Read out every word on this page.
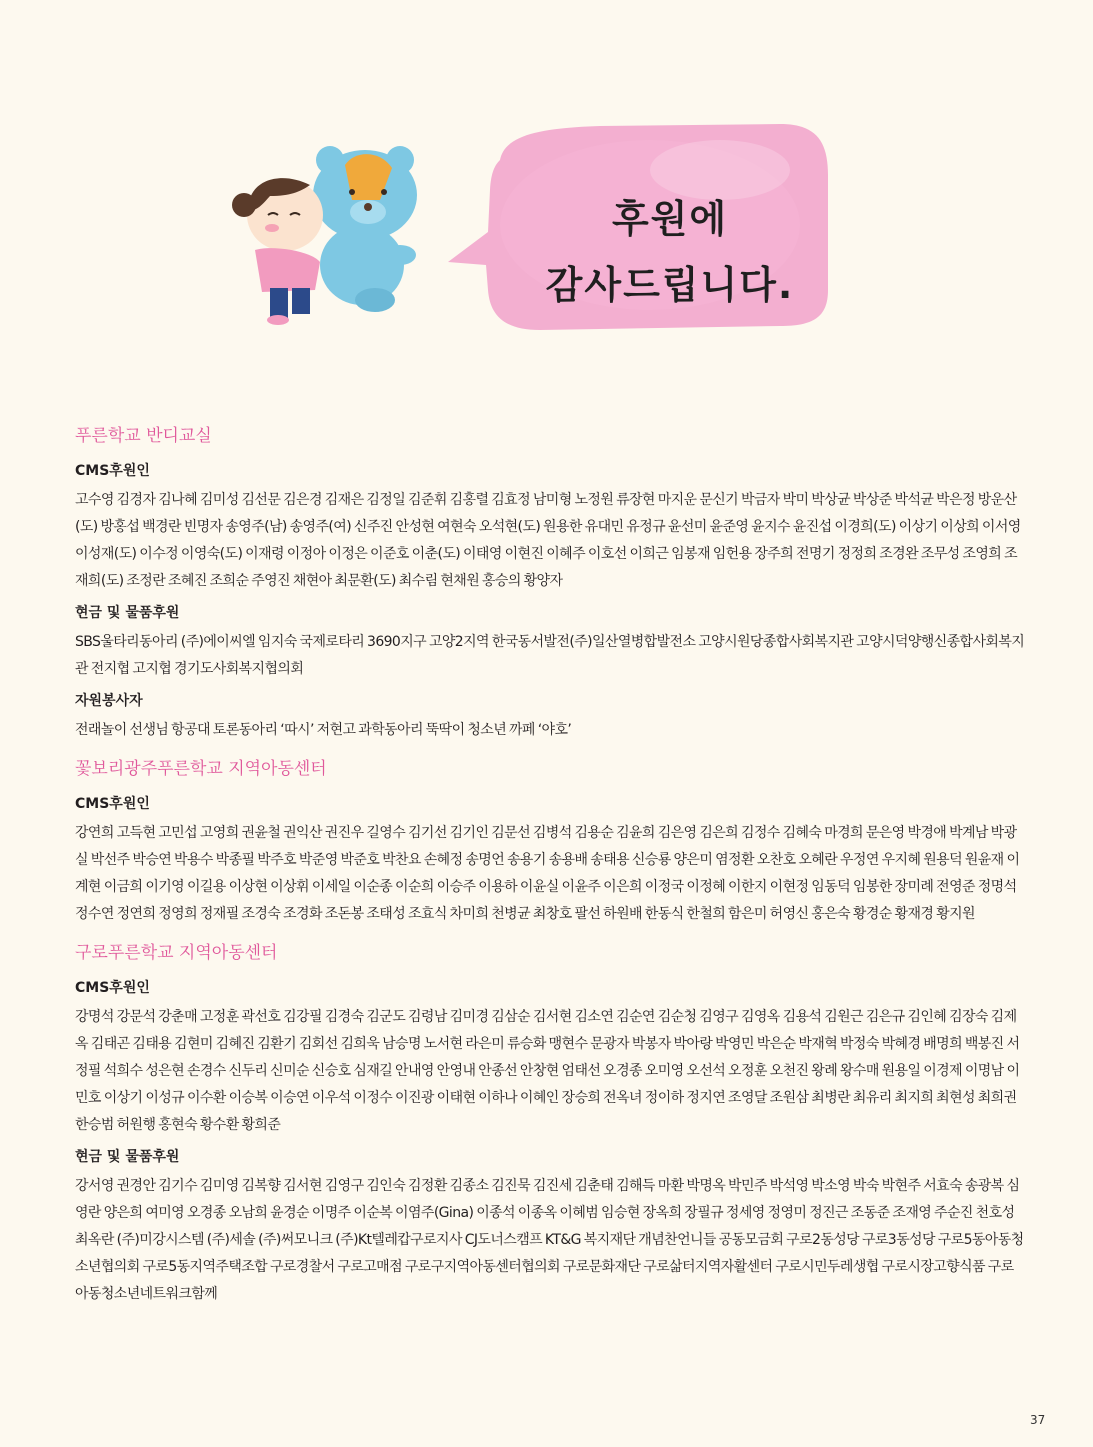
후원에
감사드립니다.
푸른학교 반디교실
CMS후원인
고수영 김경자 김나혜 김미성 김선문 김은경 김재은 김정일 김준휘 김홍렬 김효정 남미형 노정원 류장현 마지운 문신기 박금자 박미 박상균 박상준 박석균 박은정 방운산(도) 방홍섭 백경란 빈명자 송영주(남) 송영주(여) 신주진 안성현 여현숙 오석현(도) 원용한 유대민 유정규 윤선미 윤준영 윤지수 윤진섭 이경희(도) 이상기 이상희 이서영 이성재(도) 이수정 이영숙(도) 이재령 이정아 이정은 이준호 이춘(도) 이태영 이현진 이혜주 이호선 이희근 임봉재 임헌용 장주희 전명기 정정희 조경완 조무성 조영희 조재희(도) 조정란 조혜진 조희순 주영진 채현아 최문환(도) 최수림 현채원 홍승의 황양자
현금 및 물품후원
SBS울타리동아리 (주)에이씨엘 임지숙 국제로타리 3690지구 고양2지역 한국동서발전(주)일산열병합발전소 고양시원당종합사회복지관 고양시덕양행신종합사회복지관 전지협 고지협 경기도사회복지협의회
자원봉사자
전래놀이 선생님 항공대 토론동아리 ‘따시’ 저현고 과학동아리 뚝딱이 청소년 까페 ‘야호’
꽃보리광주푸른학교 지역아동센터
CMS후원인
강연희 고득현 고민섭 고영희 권윤철 권익산 권진우 길영수 김기선 김기인 김문선 김병석 김용순 김윤희 김은영 김은희 김정수 김혜숙 마경희 문은영 박경애 박계남 박광실 박선주 박승연 박용수 박종필 박주호 박준영 박준호 박찬요 손혜정 송명언 송용기 송용배 송태용 신승룡 양은미 염정환 오찬호 오혜란 우정연 우지혜 원용덕 원윤재 이계현 이금희 이기영 이길용 이상현 이상휘 이세일 이순종 이순희 이승주 이용하 이윤실 이윤주 이은희 이정국 이정혜 이한지 이현정 임동덕 임봉한 장미례 전영준 정명석 정수연 정연희 정영희 정재필 조경숙 조경화 조돈봉 조태성 조효식 차미희 천병균 최창호 팔선 하원배 한동식 한철희 함은미 허영신 홍은숙 황경순 황재경 황지원
구로푸른학교 지역아동센터
CMS후원인
강명석 강문석 강춘매 고정훈 곽선호 김강필 김경숙 김군도 김령남 김미경 김삼순 김서현 김소연 김순연 김순청 김영구 김영옥 김용석 김원근 김은규 김인혜 김장숙 김제옥 김태곤 김태용 김현미 김혜진 김환기 김회선 김희욱 남승명 노서현 라은미 류승화 맹현수 문광자 박봉자 박아랑 박영민 박은순 박재혁 박정숙 박혜경 배명희 백봉진 서정필 석희수 성은현 손경수 신두리 신미순 신승호 심재길 안내영 안영내 안종선 안창현 엄태선 오경종 오미영 오선석 오정훈 오천진 왕례 왕수매 원용일 이경제 이명남 이민호 이상기 이성규 이수환 이승복 이승연 이우석 이정수 이진광 이태현 이하나 이혜인 장승희 전옥녀 정이하 정지연 조영달 조원삼 최병란 최유리 최지희 최현성 최희권 한승범 허원행 홍현숙 황수환 황희준
현금 및 물품후원
강서영 권경안 김기수 김미영 김복향 김서현 김영구 김인숙 김정환 김종소 김진묵 김진세 김춘태 김해득 마환 박명옥 박민주 박석영 박소영 박숙 박현주 서효숙 송광복 심영란 양은희 여미영 오경종 오남희 윤경순 이명주 이순복 이염주(Gina) 이종석 이종옥 이혜범 임승현 장옥희 장필규 정세영 정영미 정진근 조동준 조재영 주순진 천호성 최옥란 (주)미강시스템 (주)세솔 (주)써모니크 (주)Kt텔레캅구로지사 CJ도너스캠프 KT&G 복지재단 개념찬언니들 공동모금회 구로2동성당 구로3동성당 구로5동아동청소년협의회 구로5동지역주택조합 구로경찰서 구로고매점 구로구지역아동센터협의회 구로문화재단 구로삶터지역자활센터 구로시민두레생협 구로시장고향식품 구로아동청소년네트워크함께
37
